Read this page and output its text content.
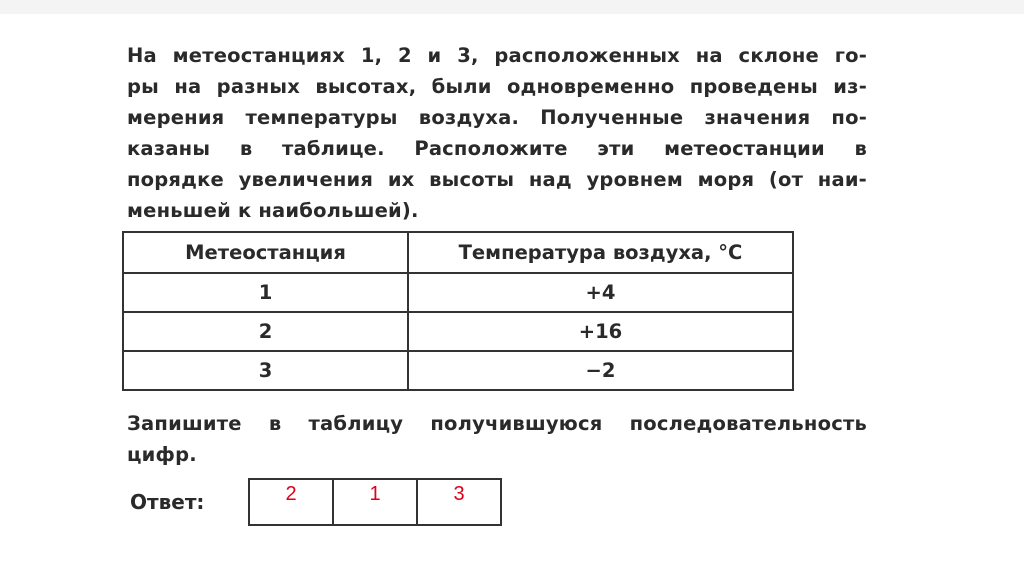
На метеостанциях 1, 2 и 3, расположенных на склоне го-
ры на разных высотах, были одновременно проведены из-
мерения температуры воздуха. Полученные значения по-
казаны в таблице. Расположите эти метеостанции в
порядке увеличения их высоты над уровнем моря (от наи-
меньшей к наибольшей).
Метеостанция	Температура воздуха, °C
1	+4
2	+16
3	−2
Запишите в таблицу получившуюся последовательность
цифр.
Ответ:	2	1	3
